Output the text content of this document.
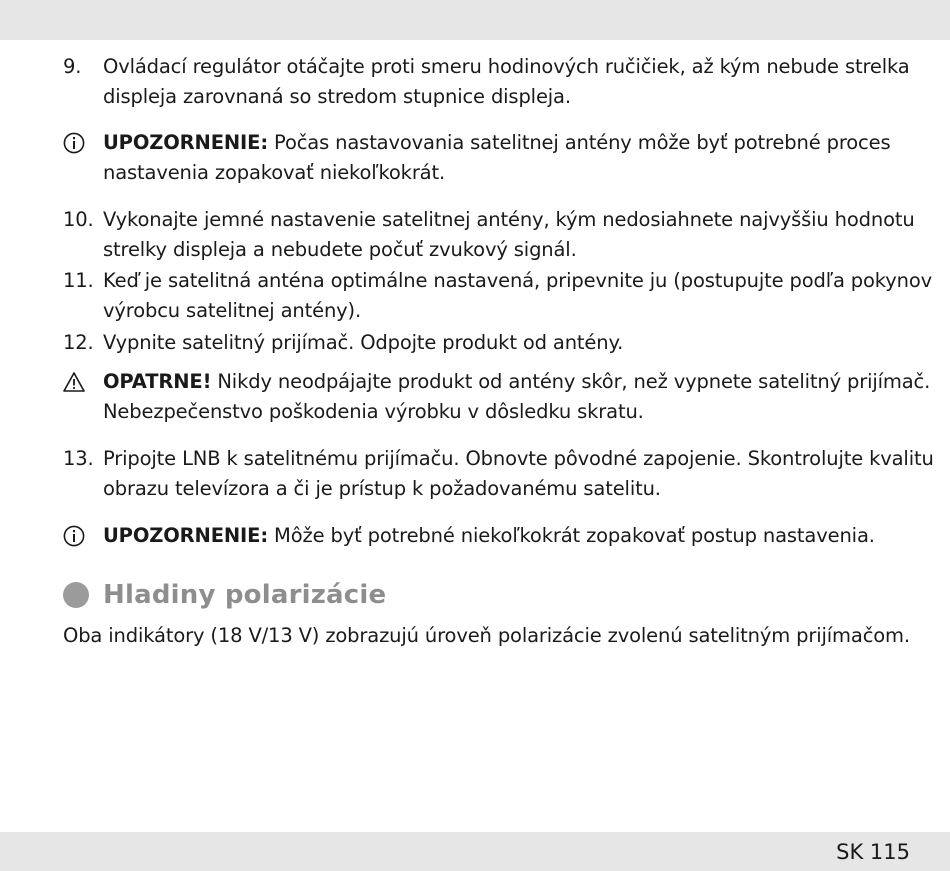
9. Ovládací regulátor otáčajte proti smeru hodinových ručičiek, až kým nebude strelka displeja zarovnaná so stredom stupnice displeja.
UPOZORNENIE: Počas nastavovania satelitnej antény môže byť potrebné proces nastavenia zopakovať niekoľkokrát.
10. Vykonajte jemné nastavenie satelitnej antény, kým nedosiahnete najvyššiu hodnotu strelky displeja a nebudete počuť zvukový signál.
11. Keď je satelitná anténa optimálne nastavená, pripevnite ju (postupujte podľa pokynov výrobcu satelitnej antény).
12. Vypnite satelitný prijímač. Odpojte produkt od antény.
OPATRNE! Nikdy neodpájajte produkt od antény skôr, než vypnete satelitný prijímač. Nebezpečenstvo poškodenia výrobku v dôsledku skratu.
13. Pripojte LNB k satelitnému prijímaču. Obnovte pôvodné zapojenie. Skontrolujte kvalitu obrazu televízora a či je prístup k požadovanému satelitu.
UPOZORNENIE: Môže byť potrebné niekoľkokrát zopakovať postup nastavenia.
Hladiny polarizácie
Oba indikátory (18 V/13 V) zobrazujú úroveň polarizácie zvolenú satelitným prijímačom.
SK 115
